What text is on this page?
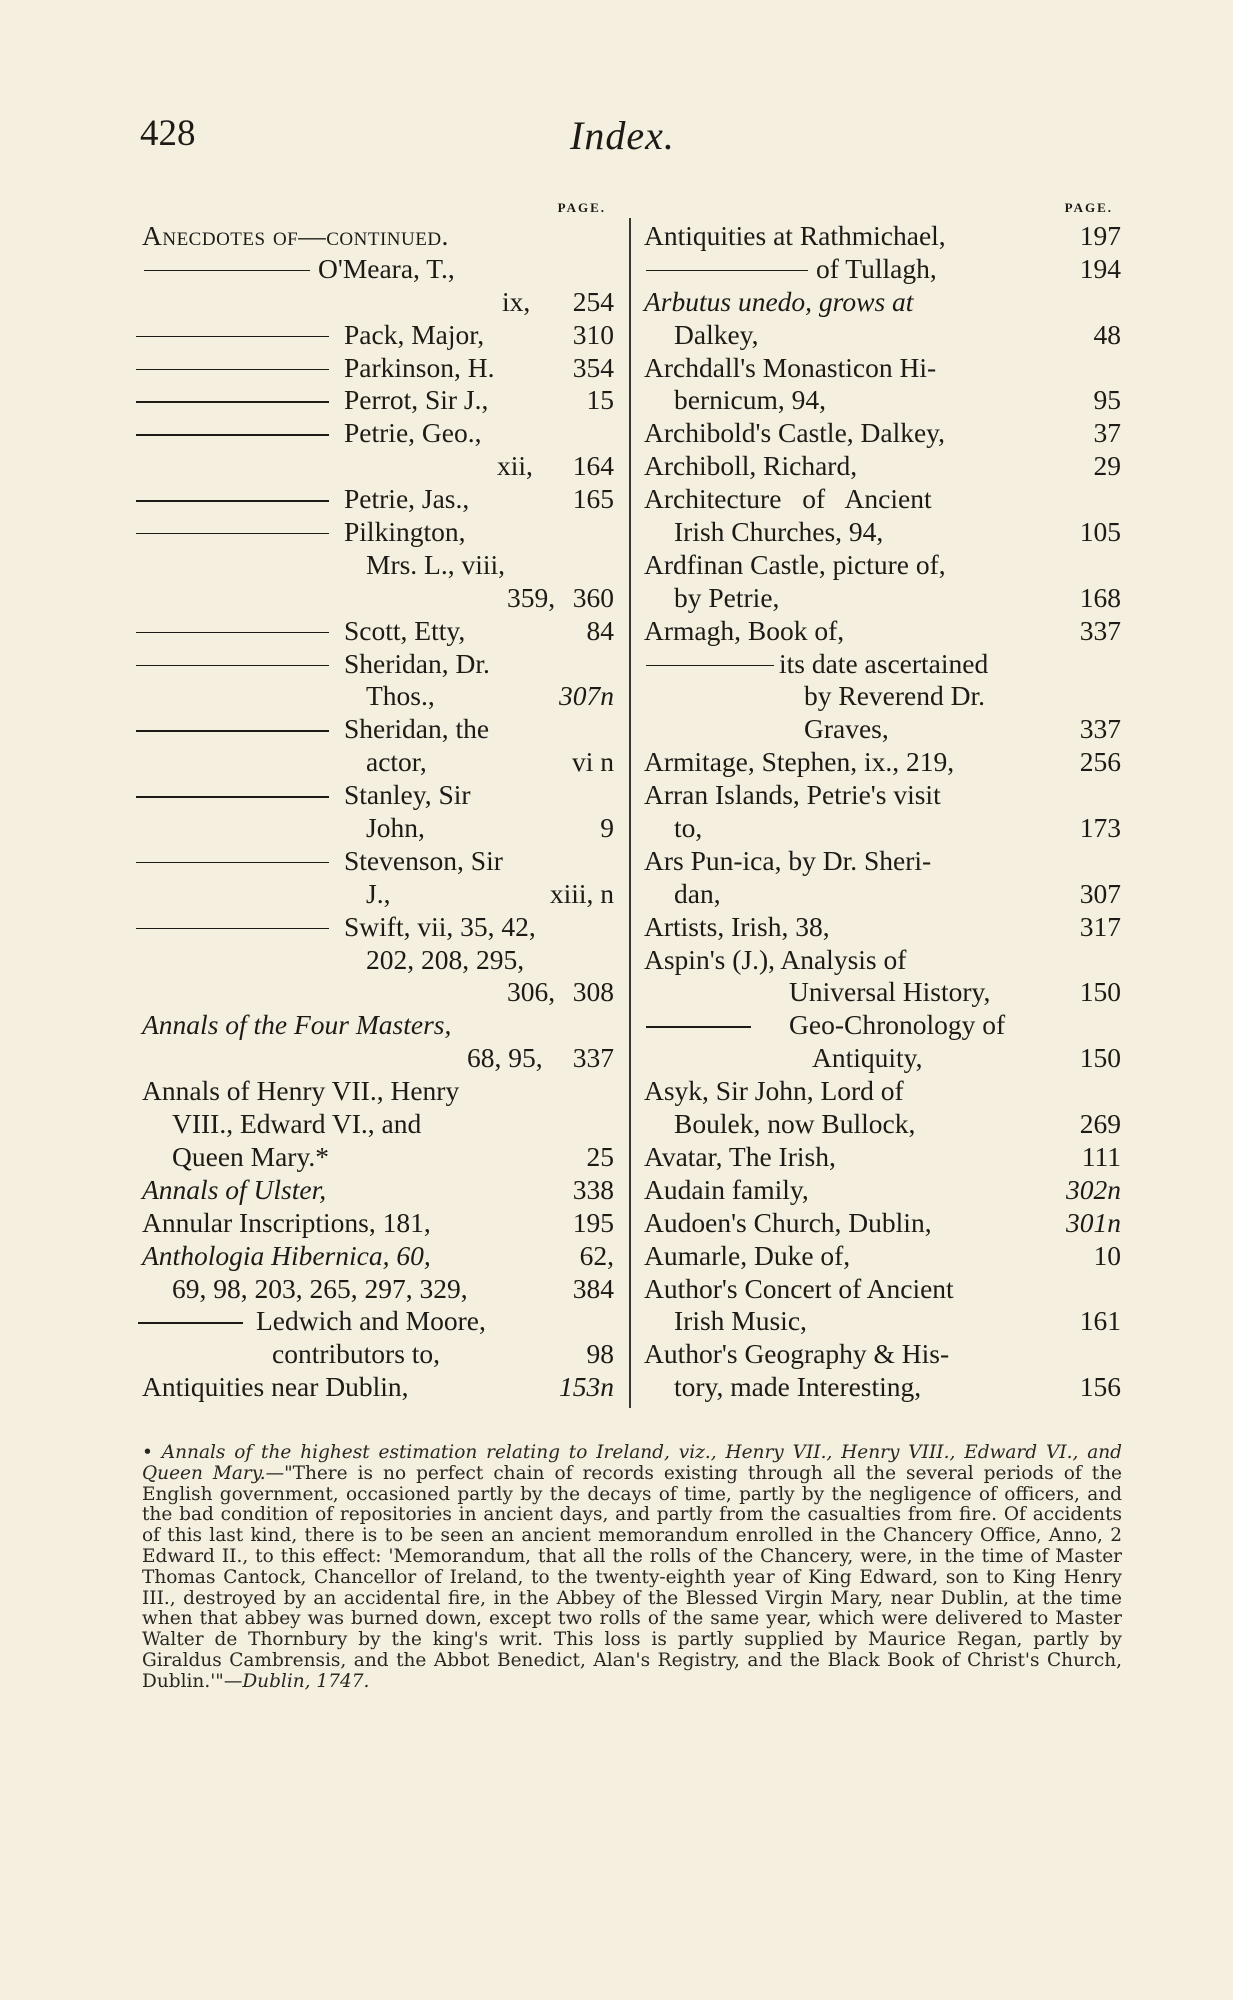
428	Index.
PAGE.
Anecdotes of—continued.
O'Meara, T.,
ix, 254
Pack, Major,	310
Parkinson, H.	354
Perrot, Sir J.,	15
Petrie, Geo.,
xii, 164
Petrie, Jas.,	165
Pilkington,
Mrs. L., viii,
359, 360
Scott, Etty,	84
Sheridan, Dr.
Thos.,	307n
Sheridan, the
actor,	vi n
Stanley, Sir
John,	9
Stevenson, Sir
J.,	xiii, n
Swift, vii, 35, 42,
202, 208, 295,
306, 308
Annals of the Four Masters,
68, 95, 337
Annals of Henry VII., Henry
VIII., Edward VI., and
Queen Mary.*	25
Annals of Ulster,	338
Annular Inscriptions, 181,	195
Anthologia Hibernica, 60,	62,
69, 98, 203, 265, 297, 329,	384
Ledwich and Moore,
contributors to,	98
Antiquities near Dublin,	153n
PAGE.
Antiquities at Rathmichael,	197
of Tullagh,	194
Arbutus unedo, grows at
Dalkey,	48
Archdall's Monasticon Hi-
bernicum, 94,	95
Archibold's Castle, Dalkey,	37
Archiboll, Richard,	29
Architecture of Ancient
Irish Churches, 94,	105
Ardfinan Castle, picture of,
by Petrie,	168
Armagh, Book of,	337
its date ascertained
by Reverend Dr.
Graves,	337
Armitage, Stephen, ix., 219,	256
Arran Islands, Petrie's visit
to,	173
Ars Pun-ica, by Dr. Sheri-
dan,	307
Artists, Irish, 38,	317
Aspin's (J.), Analysis of
Universal History,	150
Geo-Chronology of
Antiquity,	150
Asyk, Sir John, Lord of
Boulek, now Bullock,	269
Avatar, The Irish,	111
Audain family,	302n
Audoen's Church, Dublin,	301n
Aumarle, Duke of,	10
Author's Concert of Ancient
Irish Music,	161
Author's Geography & His-
tory, made Interesting,	156
• Annals of the highest estimation relating to Ireland, viz., Henry VII., Henry VIII., Edward VI., and Queen Mary.—"There is no perfect chain of records existing through all the several periods of the English government, occasioned partly by the decays of time, partly by the negligence of officers, and the bad condition of repositories in ancient days, and partly from the casualties from fire. Of accidents of this last kind, there is to be seen an ancient memorandum enrolled in the Chancery Office, Anno, 2 Edward II., to this effect: 'Memorandum, that all the rolls of the Chancery, were, in the time of Master Thomas Cantock, Chancellor of Ireland, to the twenty-eighth year of King Edward, son to King Henry III., destroyed by an accidental fire, in the Abbey of the Blessed Virgin Mary, near Dublin, at the time when that abbey was burned down, except two rolls of the same year, which were delivered to Master Walter de Thornbury by the king's writ. This loss is partly supplied by Maurice Regan, partly by Giraldus Cambrensis, and the Abbot Benedict, Alan's Registry, and the Black Book of Christ's Church, Dublin.'"—Dublin, 1747.
